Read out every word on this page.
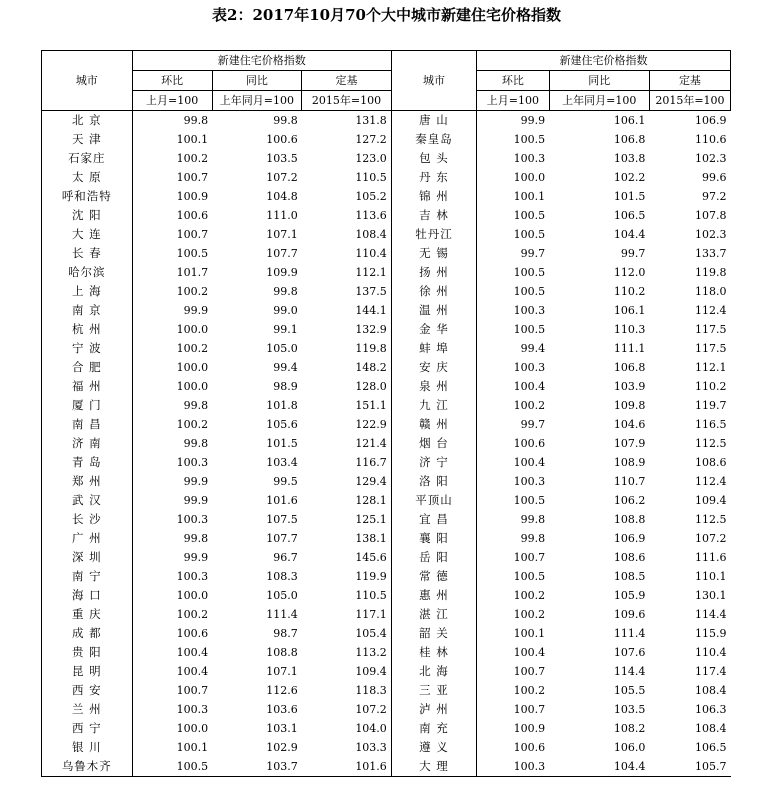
表2：2017年10月70个大中城市新建住宅价格指数
城市	新建住宅价格指数			城市	新建住宅价格指数		
	环比	同比	定基		环比	同比	定基
	上月=100	上年同月=100	2015年=100		上月=100	上年同月=100	2015年=100
北 京	99.8	99.8	131.8	唐 山	99.9	106.1	106.9
天 津	100.1	100.6	127.2	秦皇岛	100.5	106.8	110.6
石家庄	100.2	103.5	123.0	包 头	100.3	103.8	102.3
太 原	100.7	107.2	110.5	丹 东	100.0	102.2	99.6
呼和浩特	100.9	104.8	105.2	锦 州	100.1	101.5	97.2
沈 阳	100.6	111.0	113.6	吉 林	100.5	106.5	107.8
大 连	100.7	107.1	108.4	牡丹江	100.5	104.4	102.3
长 春	100.5	107.7	110.4	无 锡	99.7	99.7	133.7
哈尔滨	101.7	109.9	112.1	扬 州	100.5	112.0	119.8
上 海	100.2	99.8	137.5	徐 州	100.5	110.2	118.0
南 京	99.9	99.0	144.1	温 州	100.3	106.1	112.4
杭 州	100.0	99.1	132.9	金 华	100.5	110.3	117.5
宁 波	100.2	105.0	119.8	蚌 埠	99.4	111.1	117.5
合 肥	100.0	99.4	148.2	安 庆	100.3	106.8	112.1
福 州	100.0	98.9	128.0	泉 州	100.4	103.9	110.2
厦 门	99.8	101.8	151.1	九 江	100.2	109.8	119.7
南 昌	100.2	105.6	122.9	赣 州	99.7	104.6	116.5
济 南	99.8	101.5	121.4	烟 台	100.6	107.9	112.5
青 岛	100.3	103.4	116.7	济 宁	100.4	108.9	108.6
郑 州	99.9	99.5	129.4	洛 阳	100.3	110.7	112.4
武 汉	99.9	101.6	128.1	平顶山	100.5	106.2	109.4
长 沙	100.3	107.5	125.1	宜 昌	99.8	108.8	112.5
广 州	99.8	107.7	138.1	襄 阳	99.8	106.9	107.2
深 圳	99.9	96.7	145.6	岳 阳	100.7	108.6	111.6
南 宁	100.3	108.3	119.9	常 德	100.5	108.5	110.1
海 口	100.0	105.0	110.5	惠 州	100.2	105.9	130.1
重 庆	100.2	111.4	117.1	湛 江	100.2	109.6	114.4
成 都	100.6	98.7	105.4	韶 关	100.1	111.4	115.9
贵 阳	100.4	108.8	113.2	桂 林	100.4	107.6	110.4
昆 明	100.4	107.1	109.4	北 海	100.7	114.4	117.4
西 安	100.7	112.6	118.3	三 亚	100.2	105.5	108.4
兰 州	100.3	103.6	107.2	泸 州	100.7	103.5	106.3
西 宁	100.0	103.1	104.0	南 充	100.9	108.2	108.4
银 川	100.1	102.9	103.3	遵 义	100.6	106.0	106.5
乌鲁木齐	100.5	103.7	101.6	大 理	100.3	104.4	105.7
